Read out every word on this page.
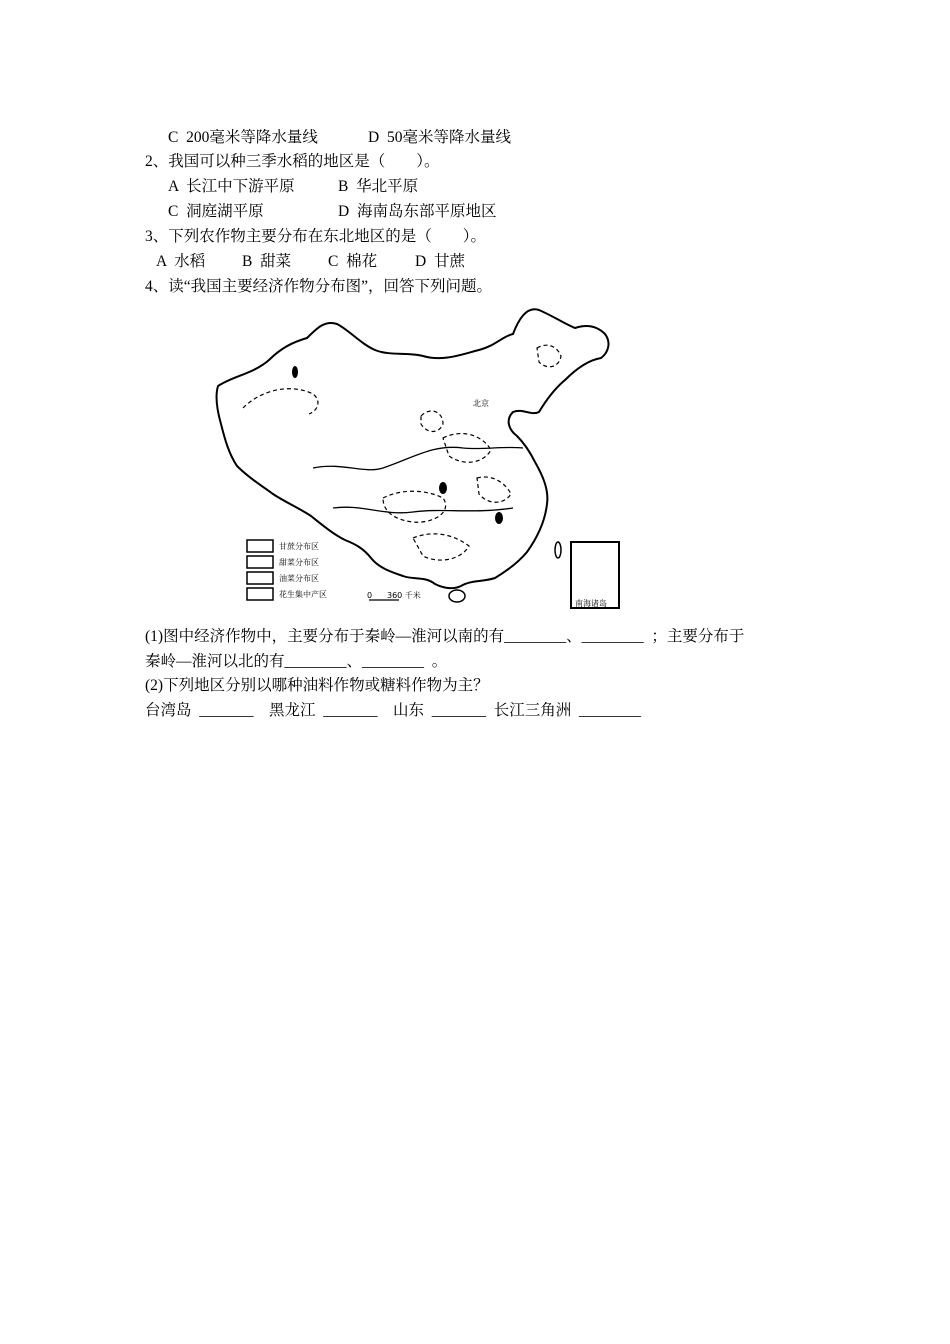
C  200毫米等降水量线	D  50毫米等降水量线
2、我国可以种三季水稻的地区是（        ）。
A  长江中下游平原	B  华北平原
C  洞庭湖平原	D  海南岛东部平原地区
3、下列农作物主要分布在东北地区的是（        ）。
A  水稻 B  甜菜 C  棉花 D  甘蔗
4、读“我国主要经济作物分布图”，回答下列问题。
甘蔗分布区
甜菜分布区
油菜分布区
花生集中产区	0 360 千米
南海诸岛
北京
(1)图中经济作物中，主要分布于秦岭—淮河以南的有________、________  ；主要分布于
秦岭—淮河以北的有________、________  。
(2)下列地区分别以哪种油料作物或糖料作物为主？
台湾岛  _______    黑龙江  _______    山东  _______  长江三角洲  ________
